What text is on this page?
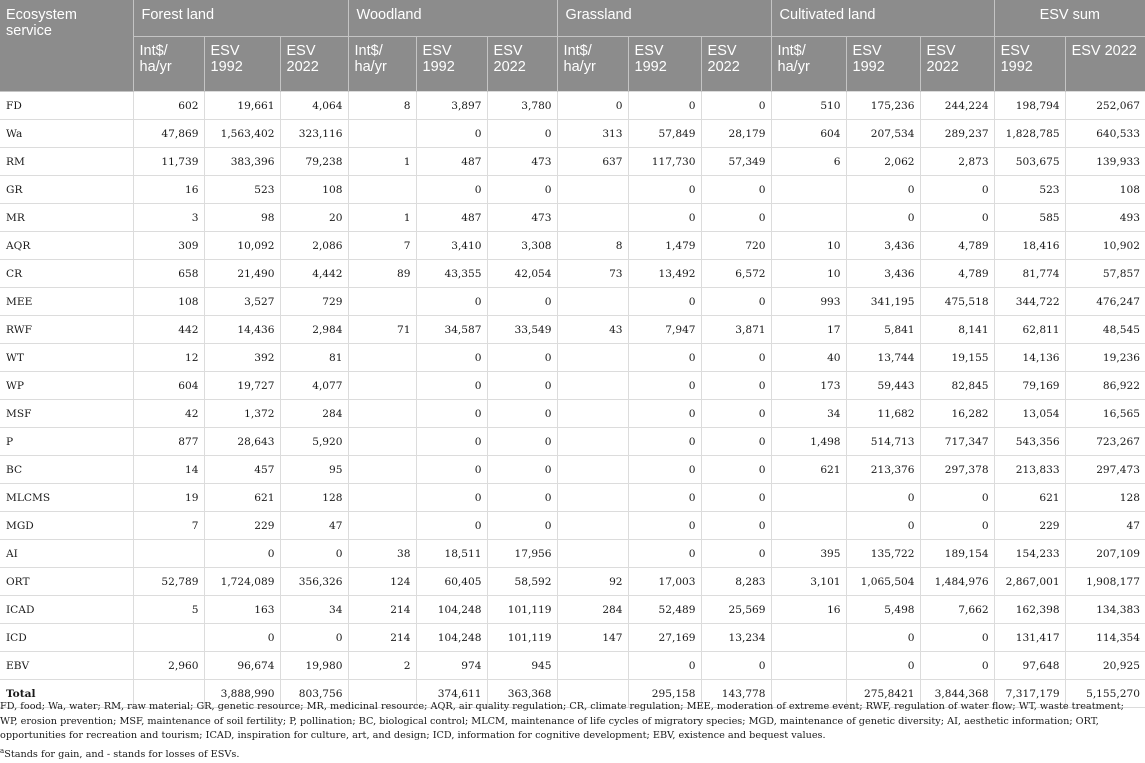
Ecosystem service	Forest land			Woodland			Grassland			Cultivated land			ESV sum	
	Int$/ ha/yr	ESV 1992	ESV 2022	Int$/ ha/yr	ESV 1992	ESV 2022	Int$/ ha/yr	ESV 1992	ESV 2022	Int$/ ha/yr	ESV 1992	ESV 2022	ESV 1992	ESV 2022
FD	602	19,661	4,064	8	3,897	3,780	0	0	0	510	175,236	244,224	198,794	252,067
Wa	47,869	1,563,402	323,116		0	0	313	57,849	28,179	604	207,534	289,237	1,828,785	640,533
RM	11,739	383,396	79,238	1	487	473	637	117,730	57,349	6	2,062	2,873	503,675	139,933
GR	16	523	108		0	0		0	0		0	0	523	108
MR	3	98	20	1	487	473		0	0		0	0	585	493
AQR	309	10,092	2,086	7	3,410	3,308	8	1,479	720	10	3,436	4,789	18,416	10,902
CR	658	21,490	4,442	89	43,355	42,054	73	13,492	6,572	10	3,436	4,789	81,774	57,857
MEE	108	3,527	729		0	0		0	0	993	341,195	475,518	344,722	476,247
RWF	442	14,436	2,984	71	34,587	33,549	43	7,947	3,871	17	5,841	8,141	62,811	48,545
WT	12	392	81		0	0		0	0	40	13,744	19,155	14,136	19,236
WP	604	19,727	4,077		0	0		0	0	173	59,443	82,845	79,169	86,922
MSF	42	1,372	284		0	0		0	0	34	11,682	16,282	13,054	16,565
P	877	28,643	5,920		0	0		0	0	1,498	514,713	717,347	543,356	723,267
BC	14	457	95		0	0		0	0	621	213,376	297,378	213,833	297,473
MLCMS	19	621	128		0	0		0	0		0	0	621	128
MGD	7	229	47		0	0		0	0		0	0	229	47
AI		0	0	38	18,511	17,956		0	0	395	135,722	189,154	154,233	207,109
ORT	52,789	1,724,089	356,326	124	60,405	58,592	92	17,003	8,283	3,101	1,065,504	1,484,976	2,867,001	1,908,177
ICAD	5	163	34	214	104,248	101,119	284	52,489	25,569	16	5,498	7,662	162,398	134,383
ICD		0	0	214	104,248	101,119	147	27,169	13,234		0	0	131,417	114,354
EBV	2,960	96,674	19,980	2	974	945		0	0		0	0	97,648	20,925
Total		3,888,990	803,756		374,611	363,368		295,158	143,778		275,8421	3,844,368	7,317,179	5,155,270

FD, food; Wa, water; RM, raw material; GR, genetic resource; MR, medicinal resource; AQR, air quality regulation; CR, climate regulation; MEE, moderation of extreme event; RWF, regulation of water flow; WT, waste treatment; WP, erosion prevention; MSF, maintenance of soil fertility; P, pollination; BC, biological control; MLCM, maintenance of life cycles of migratory species; MGD, maintenance of genetic diversity; AI, aesthetic information; ORT, opportunities for recreation and tourism; ICAD, inspiration for culture, art, and design; ICD, information for cognitive development; EBV, existence and bequest values.

$^a$Stands for gain, and - stands for losses of ESVs.
